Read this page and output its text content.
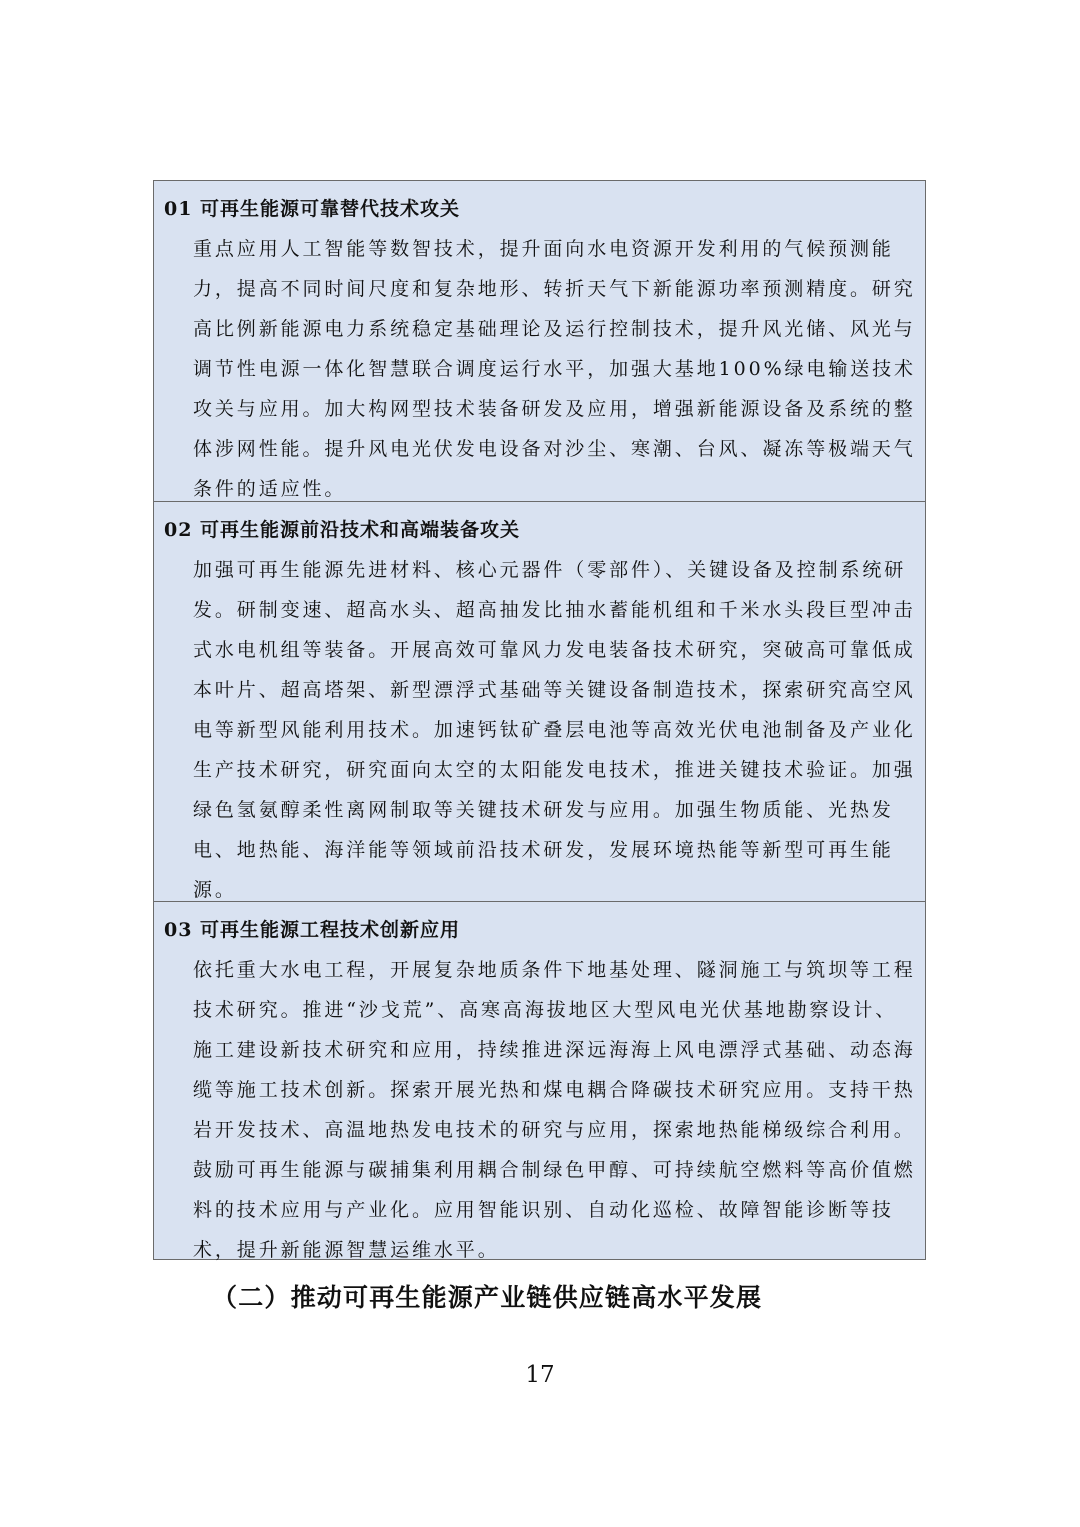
01 可再生能源可靠替代技术攻关
重点应用人工智能等数智技术，提升面向水电资源开发利用的气候预测能
力，提高不同时间尺度和复杂地形、转折天气下新能源功率预测精度。研究
高比例新能源电力系统稳定基础理论及运行控制技术，提升风光储、风光与
调节性电源一体化智慧联合调度运行水平，加强大基地100%绿电输送技术
攻关与应用。加大构网型技术装备研发及应用，增强新能源设备及系统的整
体涉网性能。提升风电光伏发电设备对沙尘、寒潮、台风、凝冻等极端天气
条件的适应性。
02 可再生能源前沿技术和高端装备攻关
加强可再生能源先进材料、核心元器件（零部件）、关键设备及控制系统研
发。研制变速、超高水头、超高抽发比抽水蓄能机组和千米水头段巨型冲击
式水电机组等装备。开展高效可靠风力发电装备技术研究，突破高可靠低成
本叶片、超高塔架、新型漂浮式基础等关键设备制造技术，探索研究高空风
电等新型风能利用技术。加速钙钛矿叠层电池等高效光伏电池制备及产业化
生产技术研究，研究面向太空的太阳能发电技术，推进关键技术验证。加强
绿色氢氨醇柔性离网制取等关键技术研发与应用。加强生物质能、光热发
电、地热能、海洋能等领域前沿技术研发，发展环境热能等新型可再生能
源。
03 可再生能源工程技术创新应用
依托重大水电工程，开展复杂地质条件下地基处理、隧洞施工与筑坝等工程
技术研究。推进“沙戈荒”、高寒高海拔地区大型风电光伏基地勘察设计、
施工建设新技术研究和应用，持续推进深远海海上风电漂浮式基础、动态海
缆等施工技术创新。探索开展光热和煤电耦合降碳技术研究应用。支持干热
岩开发技术、高温地热发电技术的研究与应用，探索地热能梯级综合利用。
鼓励可再生能源与碳捕集利用耦合制绿色甲醇、可持续航空燃料等高价值燃
料的技术应用与产业化。应用智能识别、自动化巡检、故障智能诊断等技
术，提升新能源智慧运维水平。
（二）推动可再生能源产业链供应链高水平发展
17
